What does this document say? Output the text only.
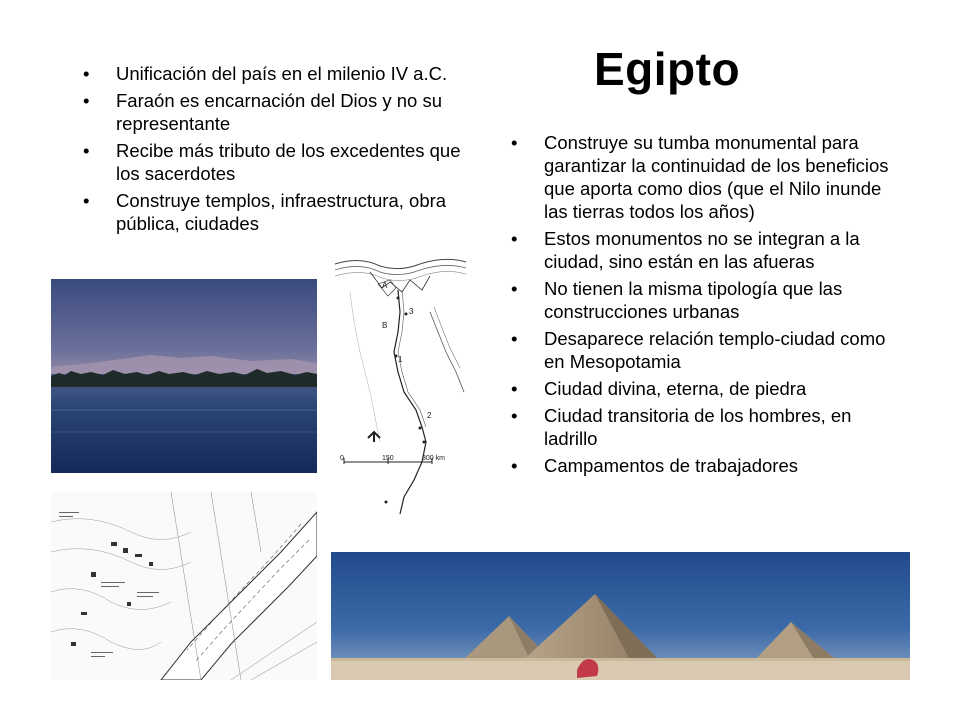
Egipto
• Unificación del país en el milenio IV a.C.
• Faraón es encarnación del Dios y no su representante
• Recibe más tributo de los excedentes que los sacerdotes
• Construye templos, infraestructura, obra pública, ciudades
• Construye su tumba monumental para garantizar la continuidad de los beneficios que aporta como dios (que el Nilo inunde las tierras todos los años)
• Estos monumentos no se integran a la ciudad, sino están en las afueras
• No tienen la misma tipología que las construcciones urbanas
• Desaparece relación templo-ciudad como en Mesopotamia
• Ciudad divina, eterna, de piedra
• Ciudad transitoria de los hombres, en ladrillo
• Campamentos de trabajadores
A
3
B
1
2
0	150	300 km
